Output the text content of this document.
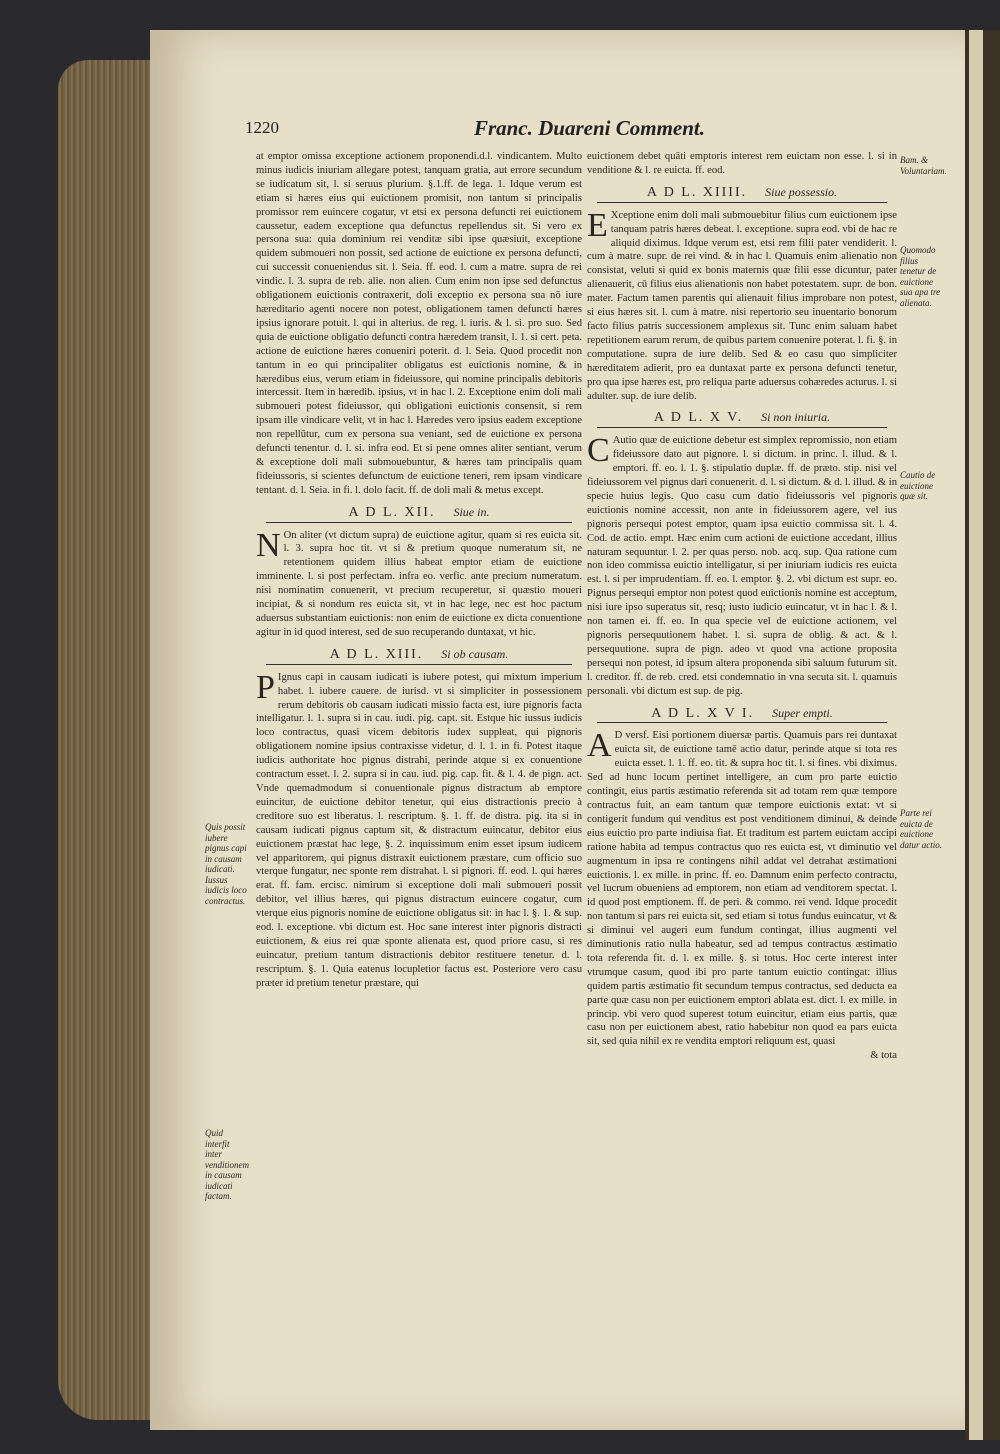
1220	Franc. Duareni Comment.

at emptor omissa exceptione actionem proponendi.d.l. vindicantem. Multo minus iudicis iniuriam allegare potest, tanquam gratia, aut errore secundum se iudicatum sit, l. si seruus plurium. §.1.ff. de lega. 1. Idque verum est etiam si hæres eius qui euictionem promisit, non tantum si principalis promissor rem euincere cogatur, vt etsi ex persona defuncti rei euictionem caussetur, eadem exceptione qua defunctus repellendus sit. Si vero ex persona sua: quia dominium rei venditæ sibi ipse quæsiuit, exceptione quidem submoueri non possit, sed actione de euictione ex persona defuncti, cui successit conueniendus sit. l. Seia. ff. eod. l. cum a matre. supra de rei vindic. l. 3. supra de reb. alie. non alien. Cum enim non ipse sed defunctus obligationem euictionis contraxerit, doli exceptio ex persona sua nō iure hæreditario agenti nocere non potest, obligationem tamen defuncti hæres ipsius ignorare potuit. l. qui in alterius. de reg. l. iuris. & l. si. pro suo. Sed quia de euictione obligatio defuncti contra hæredem transit, l. 1. si cert. peta. actione de euictione hæres conueniri poterit. d. l. Seia. Quod procedit non tantum in eo qui principaliter obligatus est euictionis nomine, & in hæredibus eius, verum etiam in fideiussore, qui nomine principalis debitoris intercessit. Item in hæredib. ipsius, vt in hac l. 2. Exceptione enim doli mali submoueri potest fideiussor, qui obligationi euictionis consensit, si rem ipsam ille vindicare velit, vt in hac l. Hæredes vero ipsius eadem exceptione non repellūtur, cum ex persona sua veniant, sed de euictione ex persona defuncti tenentur. d. l. si. infra eod. Et si pene omnes aliter sentiant, verum & exceptione doli mali submouebuntur, & hæres tam principalis quam fideiussoris, si scientes defunctum de euictione teneri, rem ipsam vindicare tentant. d. l. Seia. in fi. l. dolo facit. ff. de doli mali & metus except.

A D L. XII. Siue in.

N On aliter (vt dictum supra) de euictione agitur, quam si res euicta sit. l. 3. supra hoc tit. vt si & pretium quoque numeratum sit, ne retentionem quidem illius habeat emptor etiam de euictione imminente. l. si post perfectam. infra eo. verfic. ante precium numeratum. nisi nominatim conuenerit, vt precium recuperetur, si quæstio moueri incipiat, & si nondum res euicta sit, vt in hac lege, nec est hoc pactum aduersus substantiam euictionis: non enim de euictione ex dicta conuentione agitur in id quod interest, sed de suo recuperando duntaxat, vt hic.

A D L. XIII. Si ob causam.

P Ignus capi in causam iudicati is iubere potest, qui mixtum imperium habet. l. iubere cauere. de iurisd. vt si simpliciter in possessionem rerum debitoris ob causam iudicati missio facta est, iure pignoris facta intelligatur. l. 1. supra si in cau. iudi. pig. capt. sit. Estque hic iussus iudicis loco contractus, quasi vicem debitoris iudex suppleat, qui pignoris obligationem nomine ipsius contraxisse videtur, d. l. 1. in fi. Potest itaque iudicis authoritate hoc pignus distrahi, perinde atque si ex conuentione contractum esset. l. 2. supra si in cau. iud. pig. cap. fit. & l. 4. de pign. act. Vnde quemadmodum si conuentionale pignus distractum ab emptore euincitur, de euictione debitor tenetur, qui eius distractionis precio à creditore suo est liberatus. l. rescriptum. §. 1. ff. de distra. pig. ita si in causam iudicati pignus captum sit, & distractum euincatur, debitor eius euictionem præstat hac lege, §. 2. inquissimum enim esset ipsum iudicem vel apparitorem, qui pignus distraxit euictionem præstare, cum officio suo vterque fungatur, nec sponte rem distrahat. l. si pignori. ff. eod. l. qui hæres erat. ff. fam. ercisc. nimirum si exceptione doli mali submoueri possit debitor, vel illius hæres, qui pignus distractum euincere cogatur, cum vterque eius pignoris nomine de euictione obligatus sit: in hac l. §. 1. & sup. eod. l. exceptione. vbi dictum est. Hoc sane interest inter pignoris distracti euictionem, & eius rei quæ sponte alienata est, quod priore casu, si res euincatur, pretium tantum distractionis debitor restituere tenetur. d. l. rescriptum. §. 1. Quia eatenus locupletior factus est. Posteriore vero casu præter id pretium tenetur præstare, qui

euictionem debet quāti emptoris interest rem euictam non esse. l. si in venditione & l. re euicta. ff. eod.

A D L. XIIII. Siue possessio.

E Xceptione enim doli mali submouebitur filius cum euictionem ipse tanquam patris hæres debeat. l. exceptione. supra eod. vbi de hac re aliquid diximus. Idque verum est, etsi rem filii pater vendiderit. l. cum à matre. supr. de rei vind. & in hac l. Quamuis enim alienatio non consistat, veluti si quid ex bonis maternis quæ filii esse dicuntur, pater alienauerit, cū filius eius alienationis non habet potestatem. supr. de bon. mater. Factum tamen parentis qui alienauit filius improbare non potest, si eius hæres sit. l. cum à matre. nisi repertorio seu inuentario bonorum facto filius patris successionem amplexus sit. Tunc enim saluam habet repetitionem earum rerum, de quibus partem conuenire poterat. l. fi. §. in computatione. supra de iure delib. Sed & eo casu quo simpliciter hæreditatem adierit, pro ea duntaxat parte ex persona defuncti tenetur, pro qua ipse hæres est, pro reliqua parte aduersus cohæredes acturus. l. si adulter. sup. de iure delib.

A D L. X V. Si non iniuria.

C Autio quæ de euictione debetur est simplex repromissio, non etiam fideiussore dato aut pignore. l. si dictum. in princ. l. illud. & l. emptori. ff. eo. l. 1. §. stipulatio duplæ. ff. de præto. stip. nisi vel fideiussorem vel pignus dari conuenerit. d. l. si dictum. & d. l. illud. & in specie huius legis. Quo casu cum datio fideiussoris vel pignoris euictionis nomine accessit, non ante in fideiussorem agere, vel ius pignoris persequi potest emptor, quam ipsa euictio commissa sit. l. 4. Cod. de actio. empt. Hæc enim cum actioni de euictione accedant, illius naturam sequuntur. l. 2. per quas perso. nob. acq. sup. Qua ratione cum non ideo commissa euictio intelligatur, si per iniuriam iudicis res euicta est. l. si per imprudentiam. ff. eo. l. emptor. §. 2. vbi dictum est supr. eo. Pignus persequi emptor non potest quod euictionis nomine est acceptum, nisi iure ipso superatus sit, resq; iusto iudicio euincatur, vt in hac l. & l. non tamen ei. ff. eo. In qua specie vel de euictione actionem, vel pignoris persequutionem habet. l. si. supra de oblig. & act. & l. persequutione. supra de pign. adeo vt quod vna actione proposita persequi non potest, id ipsum altera proponenda sibi saluum futurum sit. l. creditor. ff. de reb. cred. etsi condemnatio in vna secuta sit. l. quamuis personali. vbi dictum est sup. de pig.

A D L. X V I. Super empti.

A D versf. Eisi portionem diuersæ partis. Quamuis pars rei duntaxat euicta sit, de euictione tamē actio datur, perinde atque si tota res euicta esset. l. 1. ff. eo. tit. & supra hoc tit. l. si fines. vbi diximus. Sed ad hunc locum pertinet intelligere, an cum pro parte euictio contingit, eius partis æstimatio referenda sit ad totam rem quæ tempore contractus fuit, an eam tantum quæ tempore euictionis extat: vt si contigerit fundum qui venditus est post venditionem diminui, & deinde eius euictio pro parte indiuisa fiat. Et traditum est partem euictam accipi ratione habita ad tempus contractus quo res euicta est, vt diminutio vel augmentum in ipsa re contingens nihil addat vel detrahat æstimationi euictionis. l. ex mille. in princ. ff. eo. Damnum enim perfecto contractu, vel lucrum obueniens ad emptorem, non etiam ad venditorem spectat. l. id quod post emptionem. ff. de peri. & commo. rei vend. Idque procedit non tantum si pars rei euicta sit, sed etiam si totus fundus euincatur, vt & si diminui vel augeri eum fundum contingat, illius augmenti vel diminutionis ratio nulla habeatur, sed ad tempus contractus æstimatio tota referenda fit. d. l. ex mille. §. si totus. Hoc certe interest inter vtrumque casum, quod ibi pro parte tantum euictio contingat: illius quidem partis æstimatio fit secundum tempus contractus, sed deducta ea parte quæ casu non per euictionem emptori ablata est. dict. l. ex mille. in princip. vbi vero quod superest totum euincitur, etiam eius partis, quæ casu non per euictionem abest, ratio habebitur non quod ea pars euicta sit, sed quia nihil ex re vendita emptori reliquum est, quasi

& tota

Quis possit iubere pignus capi in causam iudicati. Iussus iudicis loco contractus.
Quid interfit inter venditionem in causam iudicati factam.
Bam. & Voluntariam.
Quomodo filius tenetur de euictione sua apa tre alienata.
Cautio de euictione quæ sit.
Parte rei euicta de euictione datur actio.
